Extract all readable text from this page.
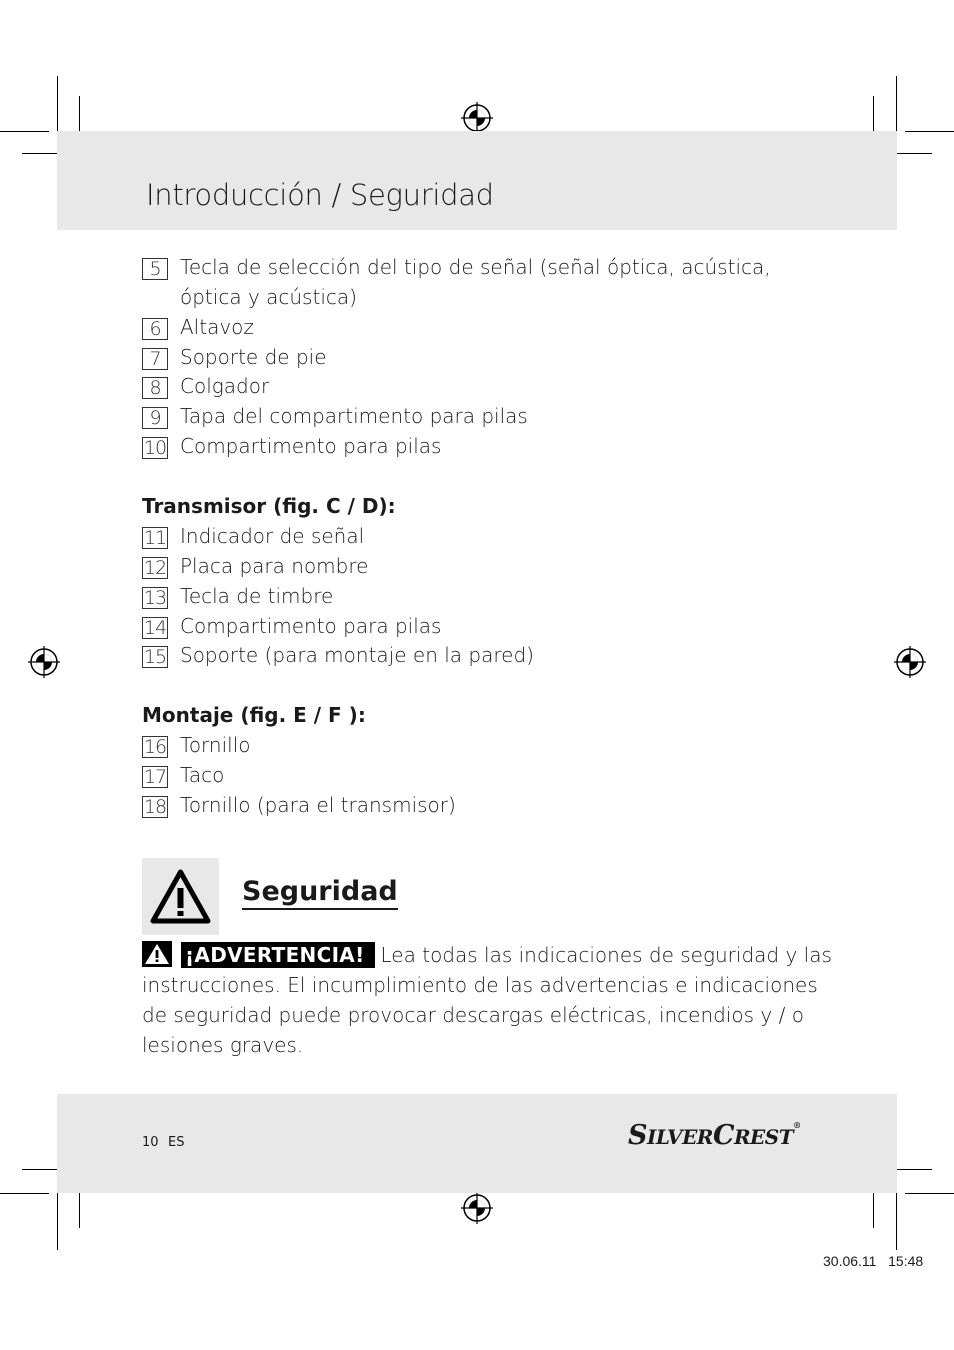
Introducción / Seguridad
5 Tecla de selección del tipo de señal (señal óptica, acústica,
óptica y acústica)
6 Altavoz
7 Soporte de pie
8 Colgador
9 Tapa del compartimento para pilas
10 Compartimento para pilas
Transmisor (fig. C / D):
11 Indicador de señal
12 Placa para nombre
13 Tecla de timbre
14 Compartimento para pilas
15 Soporte (para montaje en la pared)
Montaje (fig. E / F ):
16 Tornillo
17 Taco
18 Tornillo (para el transmisor)
Seguridad
¡ADVERTENCIA! Lea todas las indicaciones de seguridad y las instrucciones. El incumplimiento de las advertencias e indicaciones de seguridad puede provocar descargas eléctricas, incendios y / o lesiones graves.
10 ES	SILVERCREST®
30.06.11   15:48
